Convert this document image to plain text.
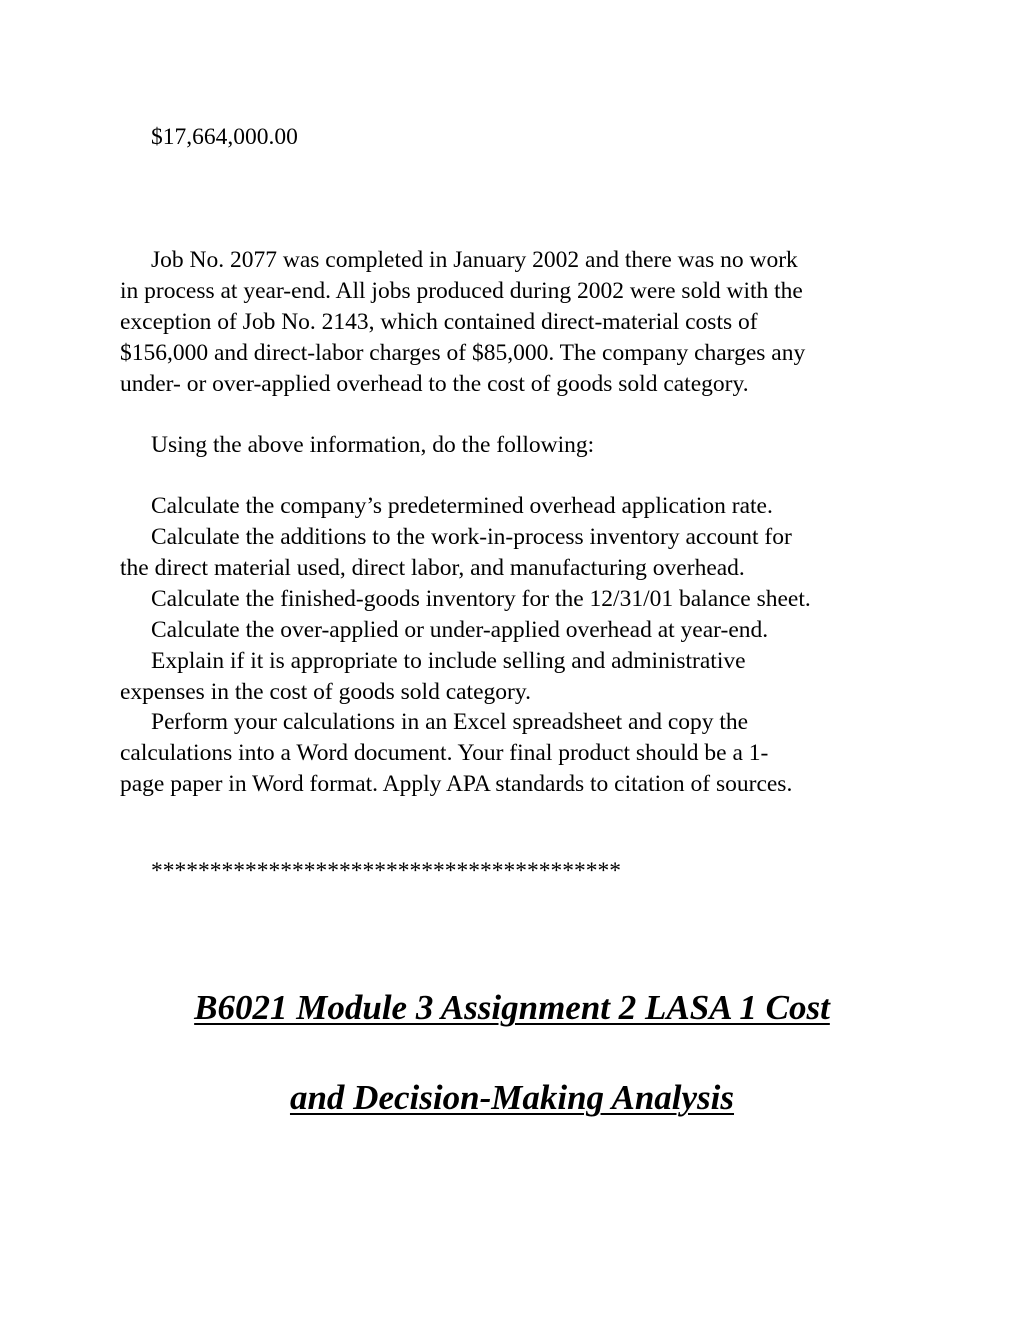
$17,664,000.00

Job No. 2077 was completed in January 2002 and there was no work

in process at year-end. All jobs produced during 2002 were sold with the

exception of Job No. 2143, which contained direct-material costs of

$156,000 and direct-labor charges of $85,000. The company charges any

under- or over-applied overhead to the cost of goods sold category.

Using the above information, do the following:

Calculate the company’s predetermined overhead application rate.

Calculate the additions to the work-in-process inventory account for

the direct material used, direct labor, and manufacturing overhead.

Calculate the finished-goods inventory for the 12/31/01 balance sheet.

Calculate the over-applied or under-applied overhead at year-end.

Explain if it is appropriate to include selling and administrative

expenses in the cost of goods sold category.

Perform your calculations in an Excel spreadsheet and copy the

calculations into a Word document. Your final product should be a 1-

page paper in Word format. Apply APA standards to citation of sources.

****************************************

B6021 Module 3 Assignment 2 LASA 1 Cost
and Decision-Making Analysis
